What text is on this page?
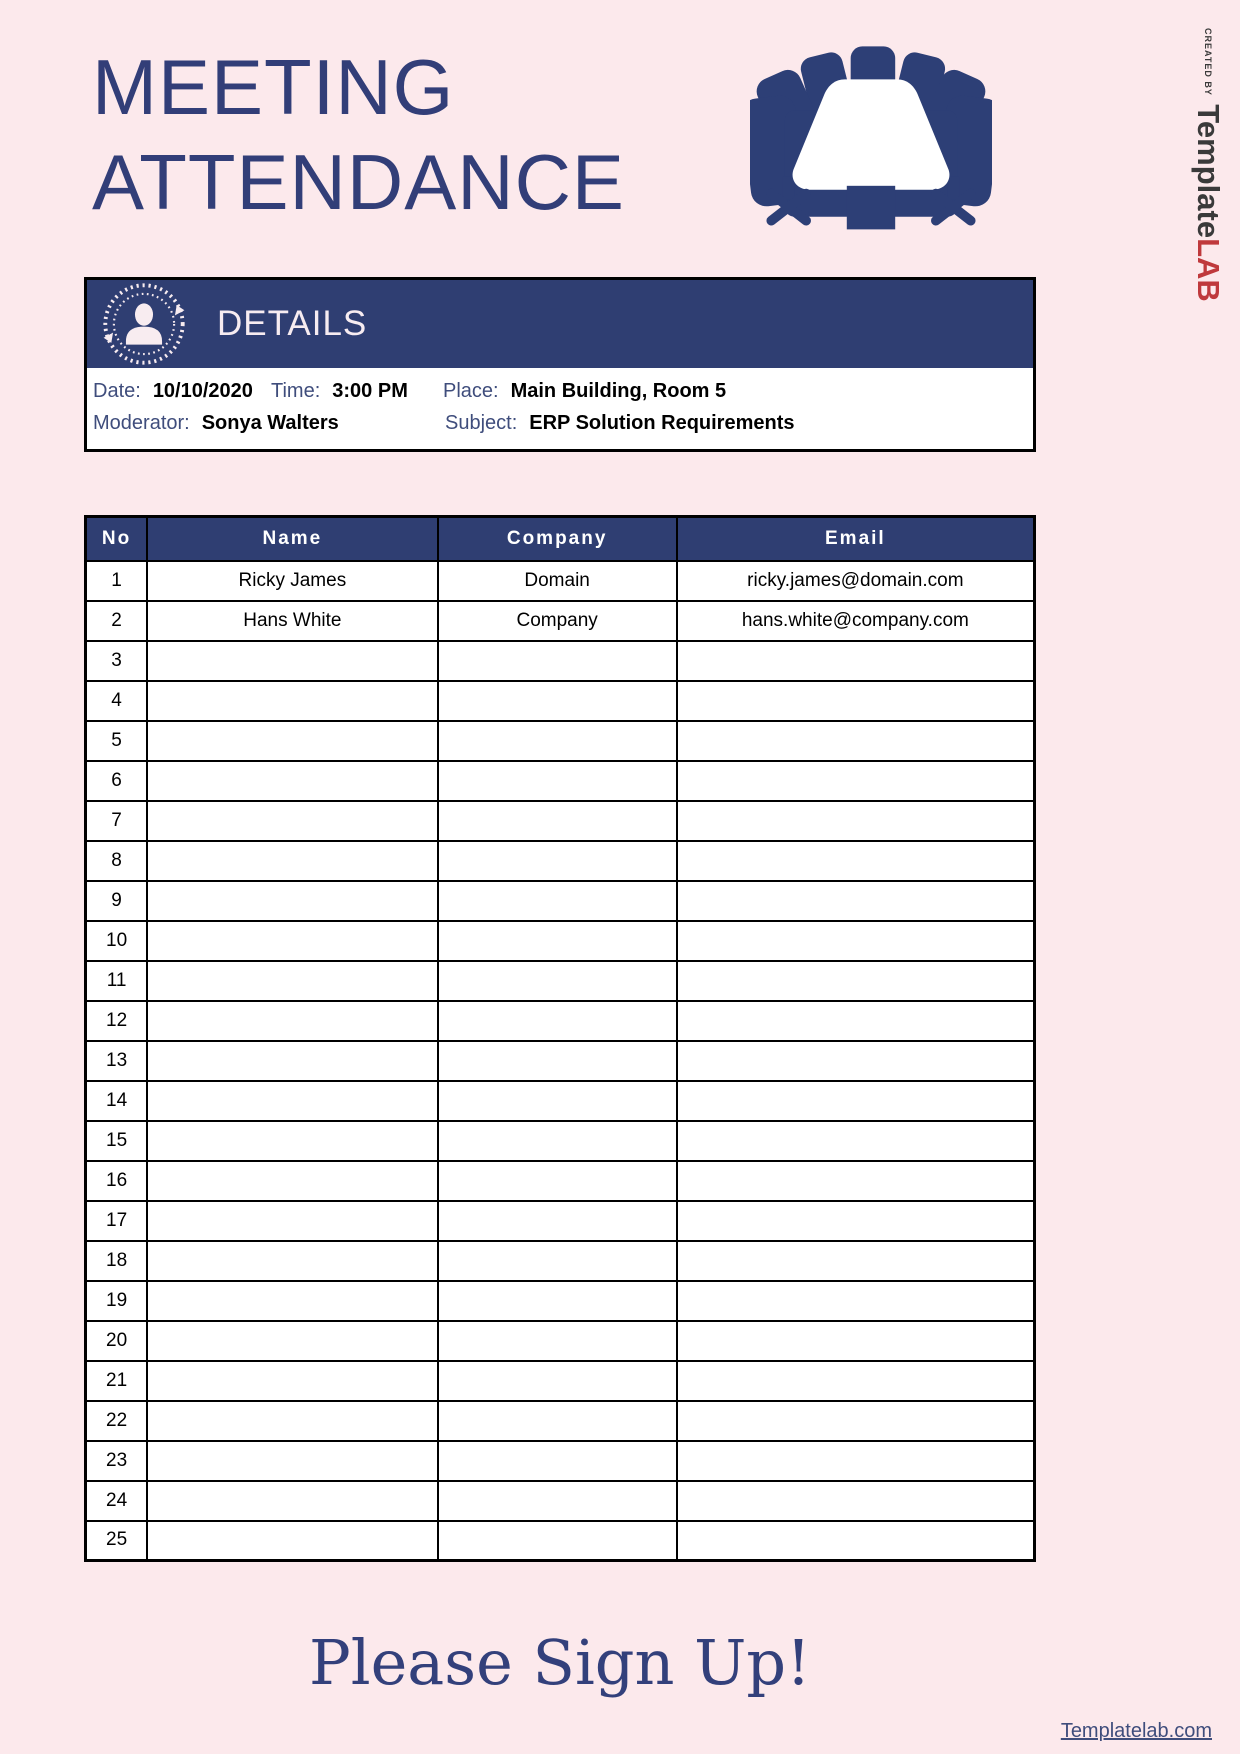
MEETING
ATTENDANCE
CREATED BY TemplateLAB
DETAILS
Date: 10/10/2020 Time: 3:00 PM Place: Main Building, Room 5
Moderator: Sonya Walters	Subject: ERP Solution Requirements
No	Name	Company	Email
1	Ricky James	Domain	ricky.james@domain.com
2	Hans White	Company	hans.white@company.com
3			
4			
5			
6			
7			
8			
9			
10			
11			
12			
13			
14			
15			
16			
17			
18			
19			
20			
21			
22			
23			
24			
25			
Please Sign Up!
Templatelab.com
